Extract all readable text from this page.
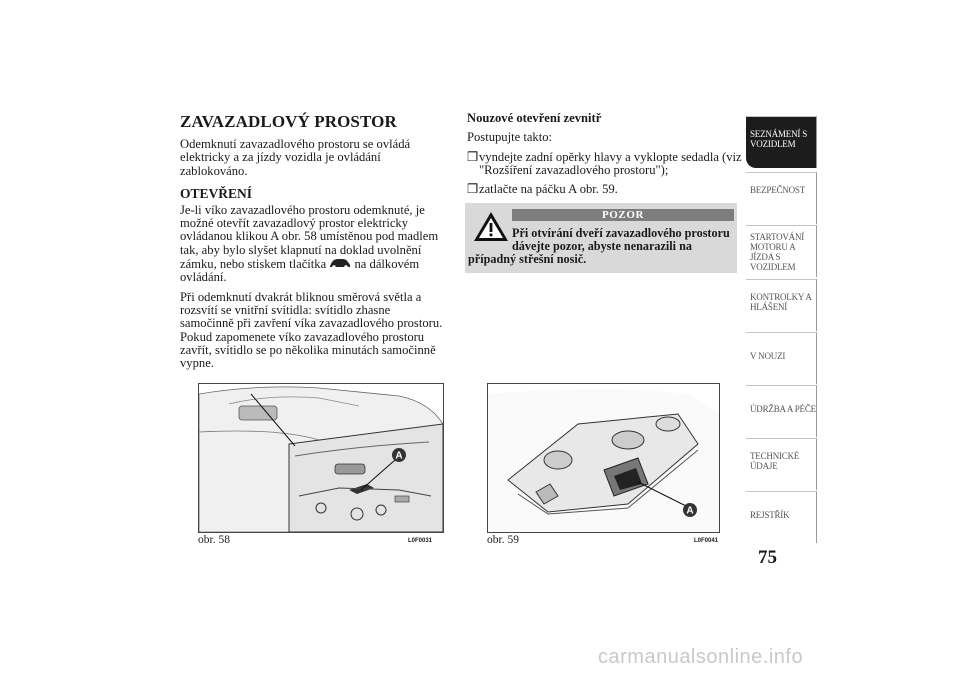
ZAVAZADLOVÝ PROSTOR

Odemknutí zavazadlového prostoru se ovládá elektricky a za jízdy vozidla je ovládání zablokováno.

OTEVŘENÍ

Je-li víko zavazadlového prostoru odemknuté, je možné otevřít zavazadlový prostor elektricky ovládanou klikou A obr. 58 umístěnou pod madlem tak, aby bylo slyšet klapnutí na doklad uvolnění zámku, nebo stiskem tlačítka na dálkovém ovládání.

Při odemknutí dvakrát bliknou směrová světla a rozsvítí se vnitřní svítidla: svítidlo zhasne samočinně při zavření víka zavazadlového prostoru. Pokud zapomenete víko zavazadlového prostoru zavřít, svítidlo se po několika minutách samočinně vypne.

Nouzové otevření zevnitř

Postupujte takto:

❒ vyndejte zadní opěrky hlavy a vyklopte sedadla (viz "Rozšíření zavazadlového prostoru");
❒ zatlačte na páčku A obr. 59.
POZOR
Při otvírání dveří zavazadlového prostoru dávejte pozor, abyste nenarazili na
případný střešní nosič.
A
obr. 58	L0F0031
A
obr. 59	L0F0041
SEZNÁMENÍ S VOZIDLEM
BEZPEČNOST
STARTOVÁNÍ MOTORU A JÍZDA S VOZIDLEM
KONTROLKY A HLÁŠENÍ
V NOUZI
ÚDRŽBA A PÉČE
TECHNICKÉ ÚDAJE
REJSTŘÍK
75
carmanualsonline.info
